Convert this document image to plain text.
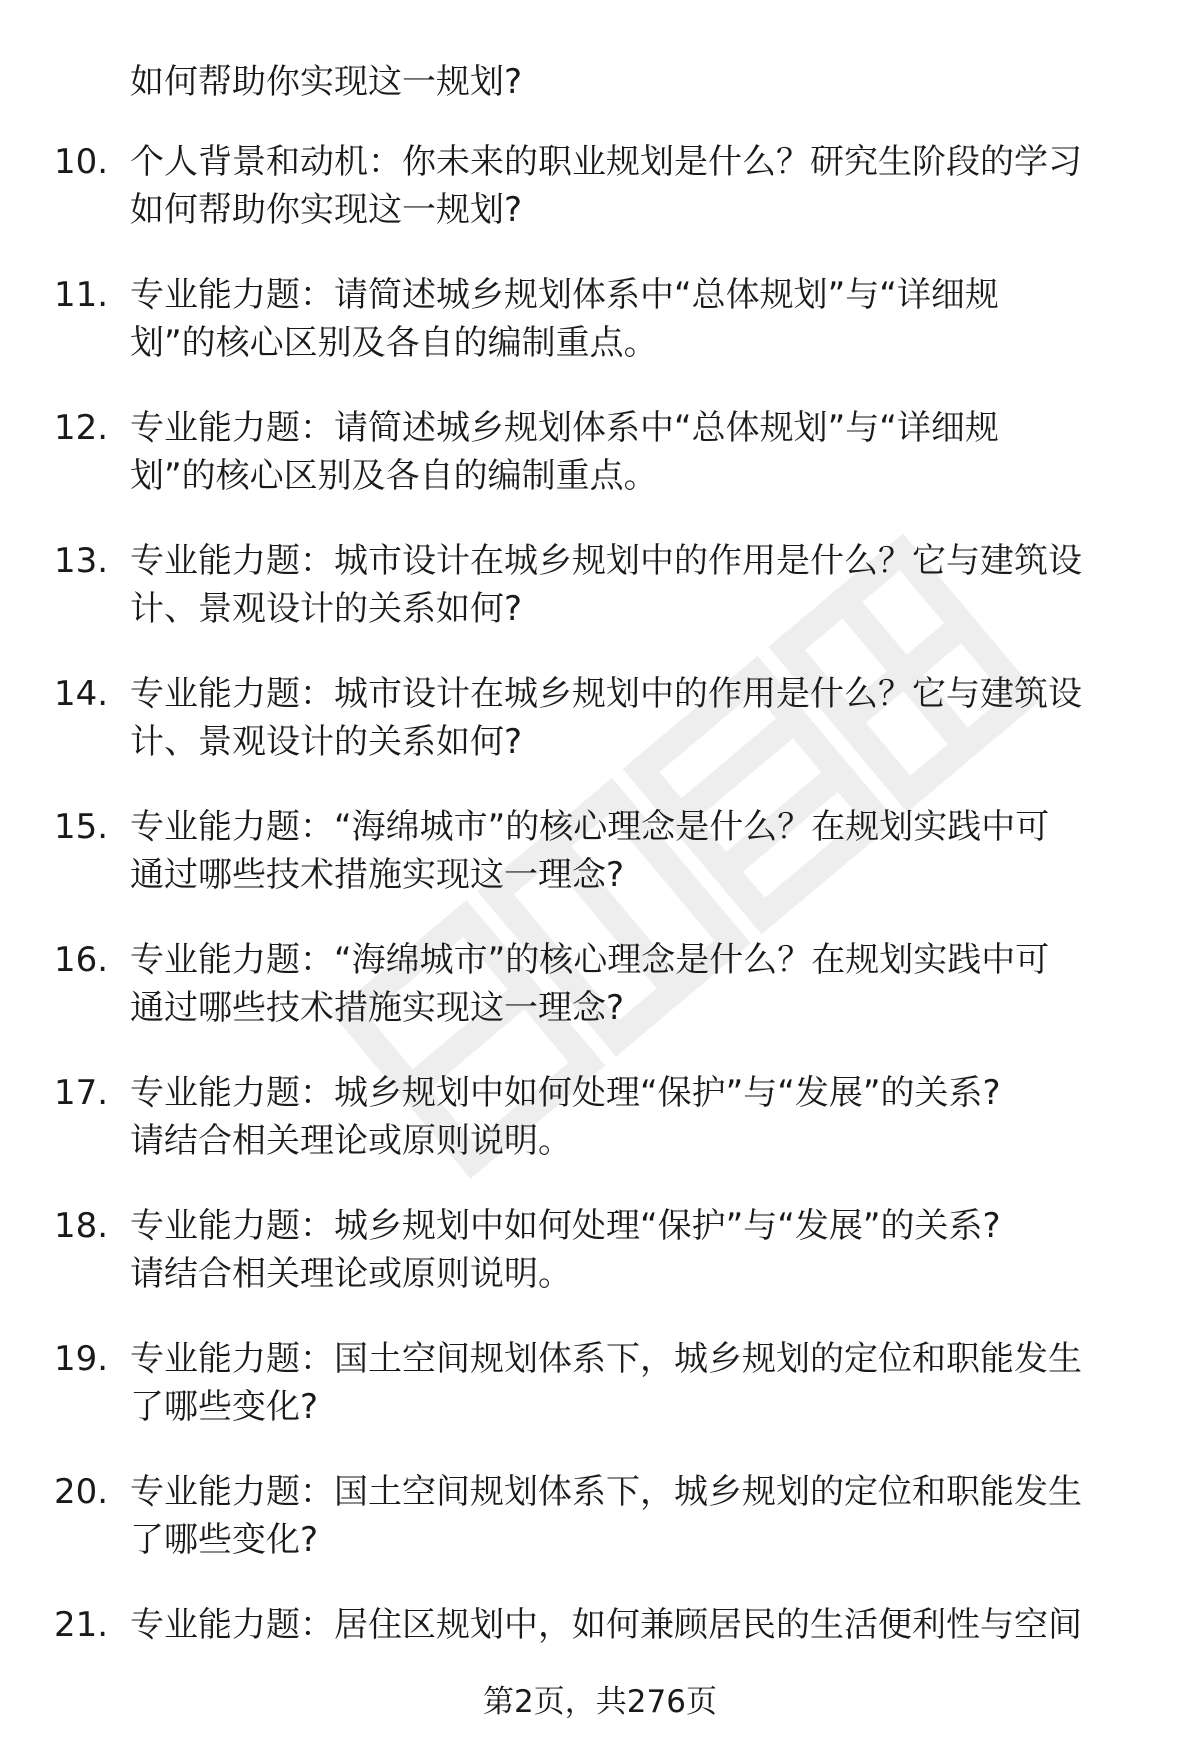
如何帮助你实现这一规划?
10. 个人背景和动机：你未来的职业规划是什么？研究生阶段的学习
如何帮助你实现这一规划?
11. 专业能力题：请简述城乡规划体系中“总体规划”与“详细规
划”的核心区别及各自的编制重点。
12. 专业能力题：请简述城乡规划体系中“总体规划”与“详细规
划”的核心区别及各自的编制重点。
13. 专业能力题：城市设计在城乡规划中的作用是什么？它与建筑设
计、景观设计的关系如何?
14. 专业能力题：城市设计在城乡规划中的作用是什么？它与建筑设
计、景观设计的关系如何?
15. 专业能力题：“海绵城市”的核心理念是什么？在规划实践中可
通过哪些技术措施实现这一理念?
16. 专业能力题：“海绵城市”的核心理念是什么？在规划实践中可
通过哪些技术措施实现这一理念?
17. 专业能力题：城乡规划中如何处理“保护”与“发展”的关系?
请结合相关理论或原则说明。
18. 专业能力题：城乡规划中如何处理“保护”与“发展”的关系?
请结合相关理论或原则说明。
19. 专业能力题：国土空间规划体系下，城乡规划的定位和职能发生
了哪些变化?
20. 专业能力题：国土空间规划体系下，城乡规划的定位和职能发生
了哪些变化?
21. 专业能力题：居住区规划中，如何兼顾居民的生活便利性与空间
第2页，共276页
